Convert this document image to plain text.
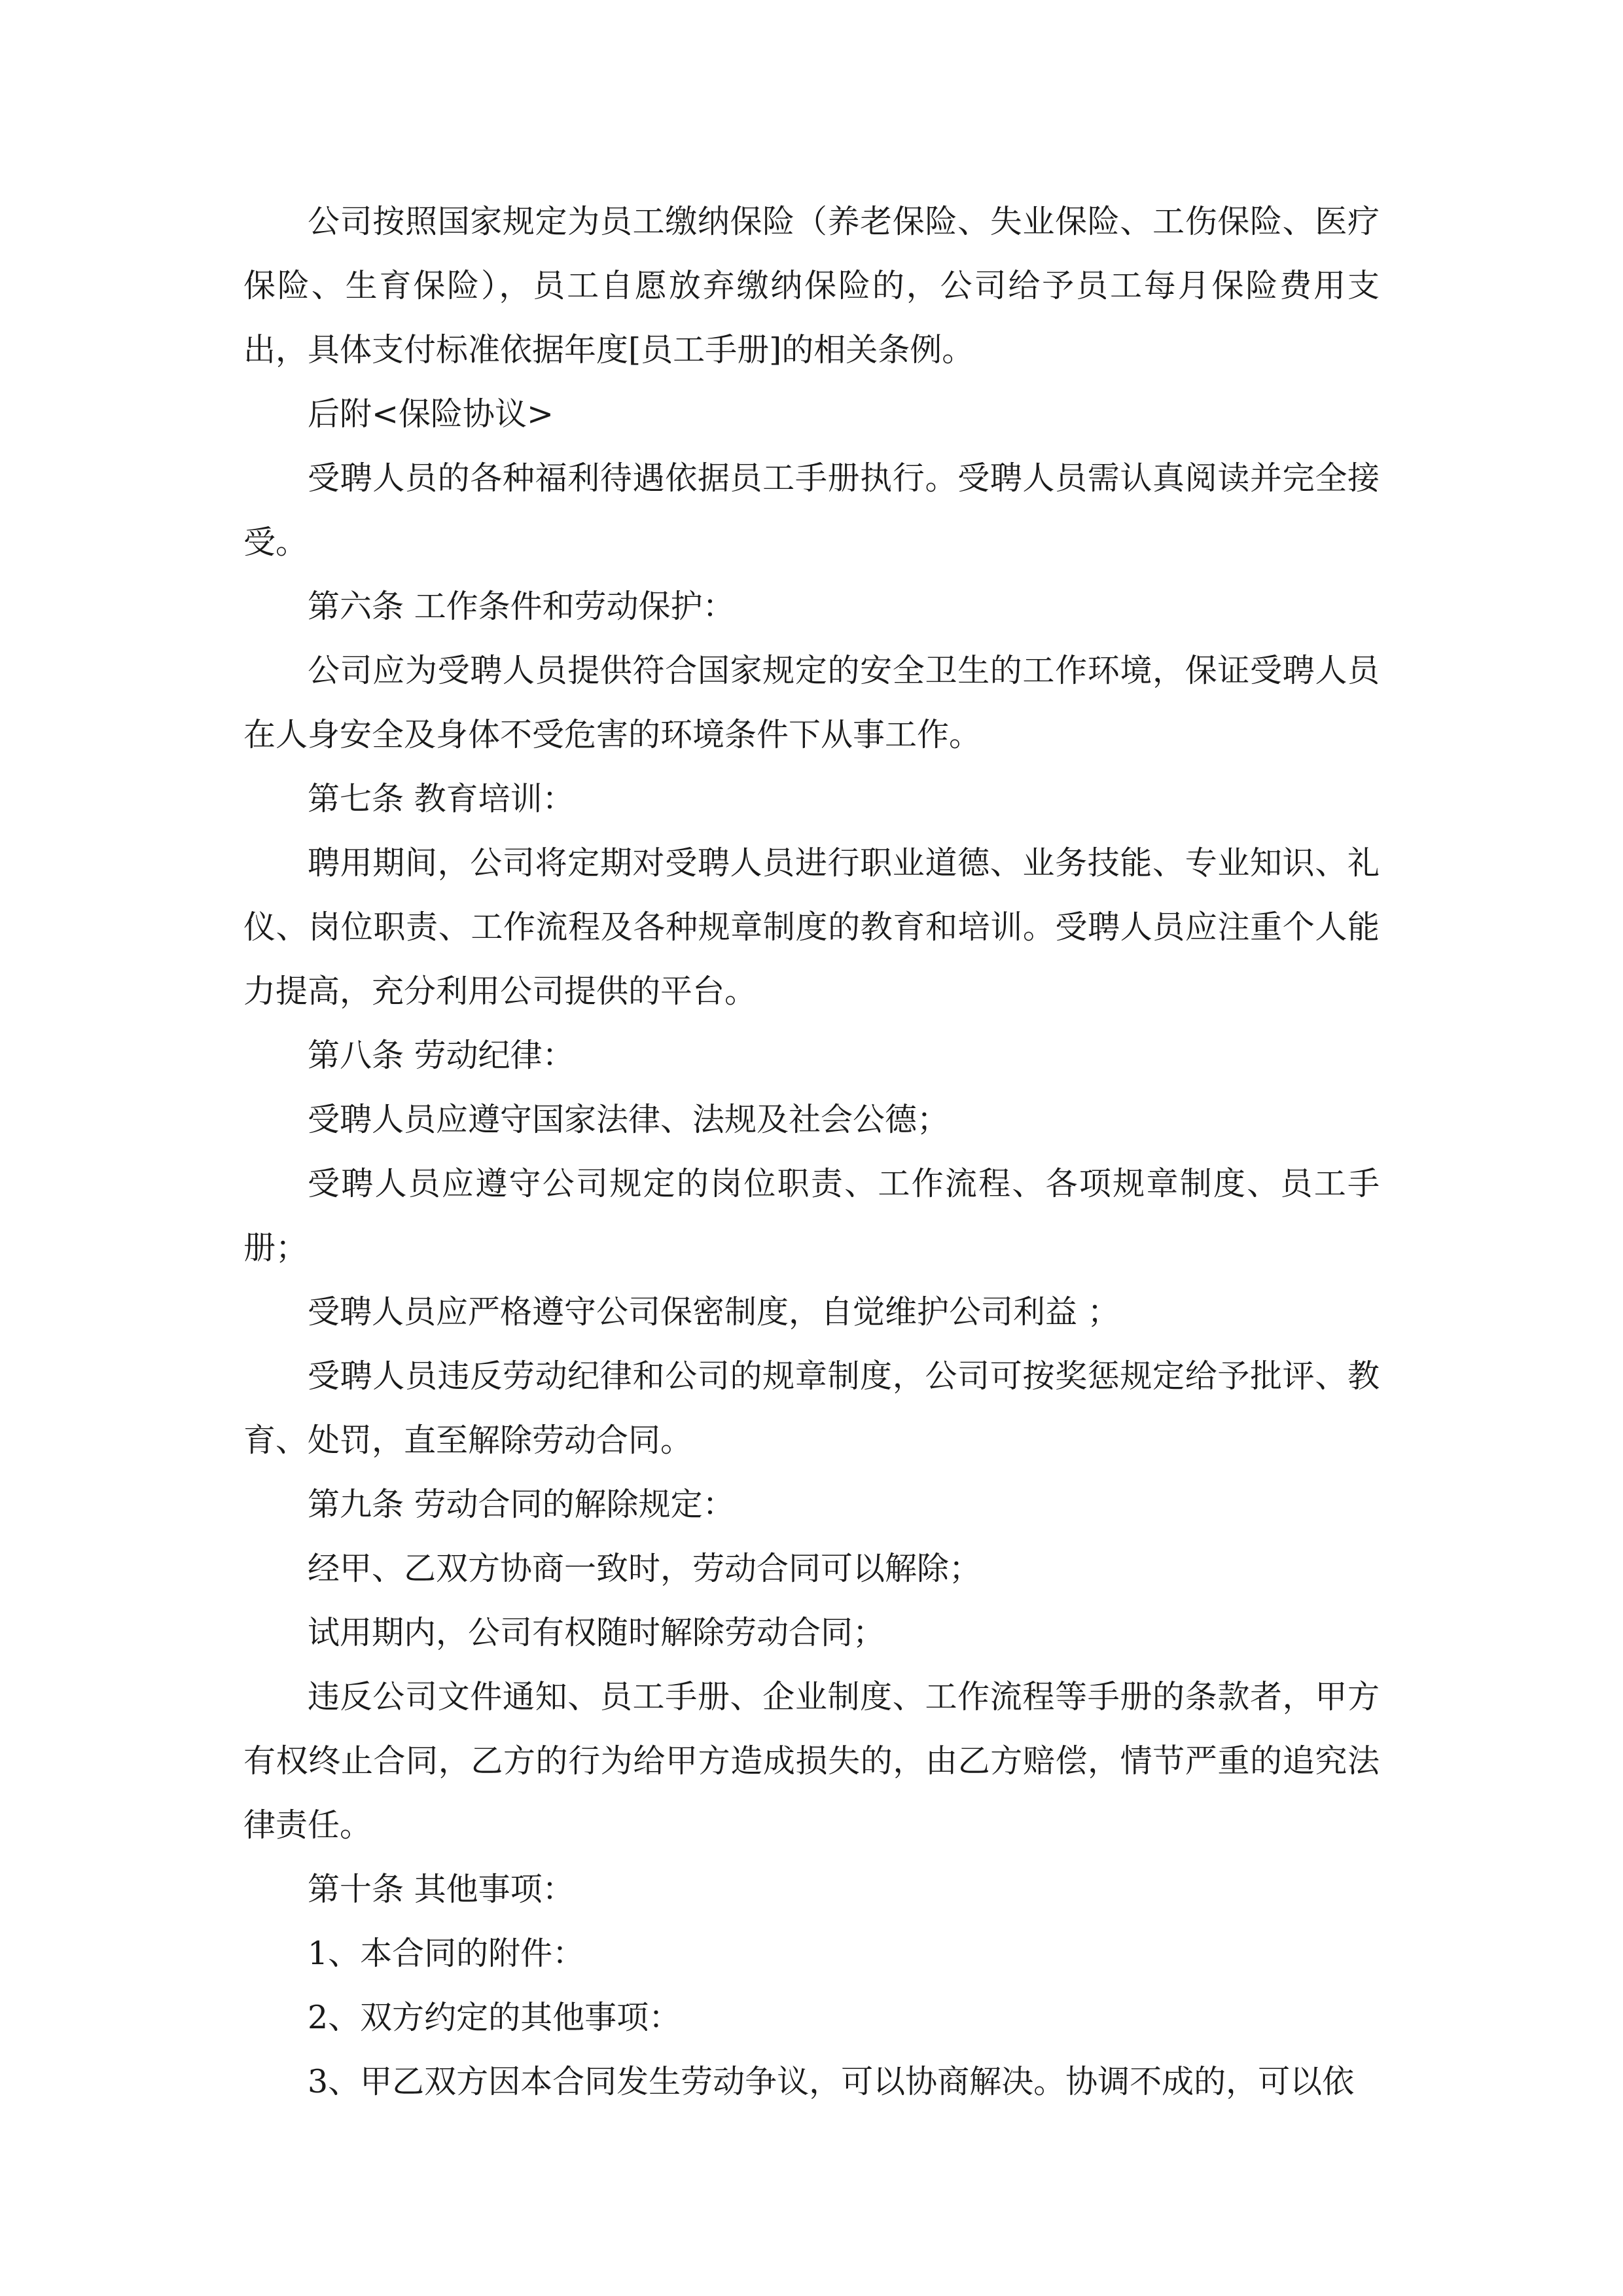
公司按照国家规定为员工缴纳保险（养老保险、失业保险、工伤保险、医疗保险、生育保险），员工自愿放弃缴纳保险的，公司给予员工每月保险费用支出，具体支付标准依据年度[员工手册]的相关条例。

后附<保险协议>

受聘人员的各种福利待遇依据员工手册执行。受聘人员需认真阅读并完全接受。

第六条 工作条件和劳动保护：

公司应为受聘人员提供符合国家规定的安全卫生的工作环境，保证受聘人员在人身安全及身体不受危害的环境条件下从事工作。

第七条 教育培训：

聘用期间，公司将定期对受聘人员进行职业道德、业务技能、专业知识、礼仪、岗位职责、工作流程及各种规章制度的教育和培训。受聘人员应注重个人能力提高，充分利用公司提供的平台。

第八条 劳动纪律：

受聘人员应遵守国家法律、法规及社会公德；

受聘人员应遵守公司规定的岗位职责、工作流程、各项规章制度、员工手册；

受聘人员应严格遵守公司保密制度，自觉维护公司利益 ；

受聘人员违反劳动纪律和公司的规章制度，公司可按奖惩规定给予批评、教育、处罚，直至解除劳动合同。

第九条 劳动合同的解除规定：

经甲、乙双方协商一致时，劳动合同可以解除；

试用期内，公司有权随时解除劳动合同；

违反公司文件通知、员工手册、企业制度、工作流程等手册的条款者，甲方有权终止合同，乙方的行为给甲方造成损失的，由乙方赔偿，情节严重的追究法律责任。

第十条 其他事项：

1、本合同的附件：

2、双方约定的其他事项：

3、甲乙双方因本合同发生劳动争议，可以协商解决。协调不成的，可以依
